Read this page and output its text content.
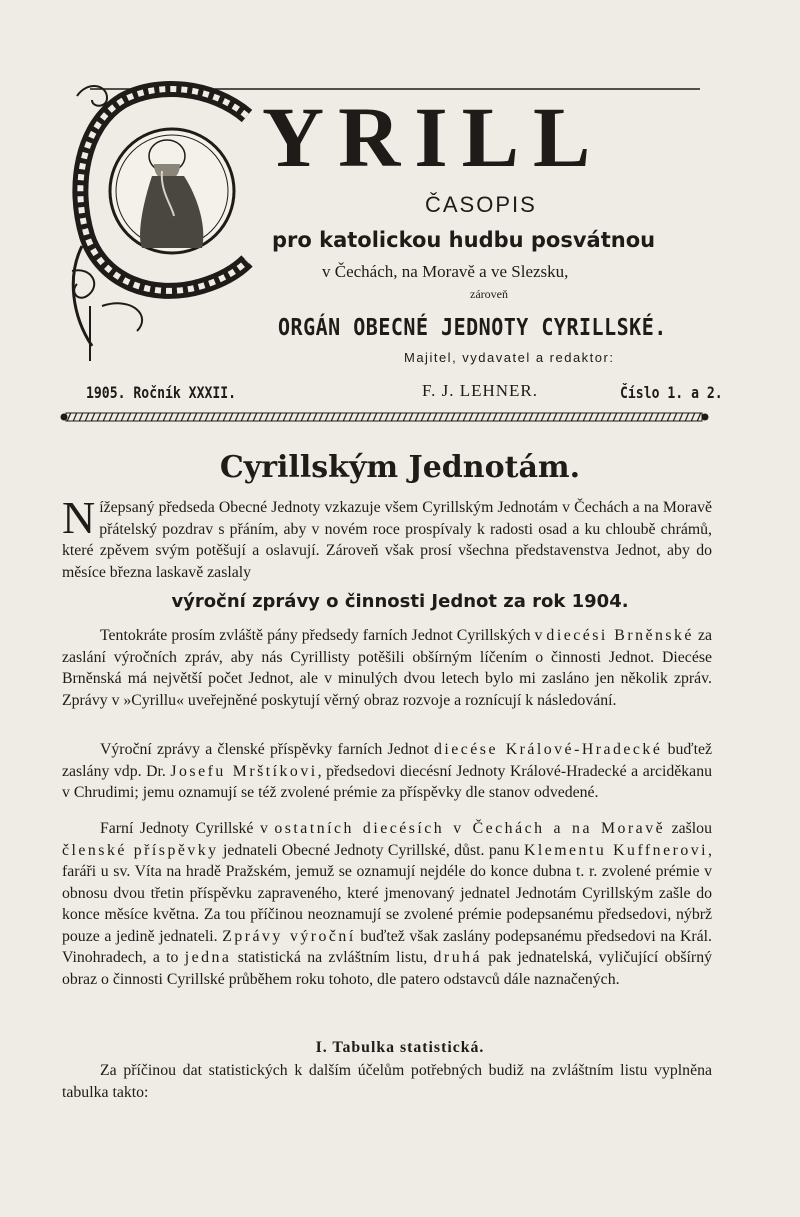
YRILL
ČASOPIS
pro katolickou hudbu posvátnou
v Čechách, na Moravě a ve Slezsku,
zároveň
ORGÁN OBECNÉ JEDNOTY CYRILLSKÉ.
Majitel, vydavatel a redaktor:
1905. Ročník XXXII.	F. J. LEHNER.	Číslo 1. a 2.
Cyrillským Jednotám.

Nížepsaný předseda Obecné Jednoty vzkazuje všem Cyrillským Jednotám v Čechách a na Moravě přátelský pozdrav s přáním, aby v novém roce prospívaly k radosti osad a ku chloubě chrámů, které zpěvem svým potěšují a oslavují. Zároveň však prosí všechna představenstva Jednot, aby do měsíce března laskavě zaslaly

výroční zprávy o činnosti Jednot za rok 1904.

Tentokráte prosím zvláště pány předsedy farních Jednot Cyrillských v diecési Brněnské za zaslání výročních zpráv, aby nás Cyrillisty potěšili obšírným líčením o činnosti Jednot. Diecése Brněnská má největší počet Jednot, ale v minulých dvou letech bylo mi zasláno jen několik zpráv. Zprávy v »Cyrillu« uveřejněné poskytují věrný obraz rozvoje a roznícují k následování.

Výroční zprávy a členské příspěvky farních Jednot diecése Králové-Hradecké buďtež zaslány vdp. Dr. Josefu Mrštíkovi, předsedovi diecésní Jednoty Králové-Hradecké a arciděkanu v Chrudimi; jemu oznamují se též zvolené prémie za příspěvky dle stanov odvedené.

Farní Jednoty Cyrillské v ostatních diecésích v Čechách a na Moravě zašlou členské příspěvky jednateli Obecné Jednoty Cyrillské, důst. panu Klementu Kuffnerovi, faráři u sv. Víta na hradě Pražském, jemuž se oznamují nejdéle do konce dubna t. r. zvolené prémie v obnosu dvou třetin příspěvku zapraveného, které jmenovaný jednatel Jednotám Cyrillským zašle do konce měsíce května. Za tou příčinou neoznamují se zvolené prémie podepsanému předsedovi, nýbrž pouze a jedině jednateli. Zprávy výroční buďtež však zaslány podepsanému předsedovi na Král. Vinohradech, a to jedna statistická na zvláštním listu, druhá pak jednatelská, vyličující obšírný obraz o činnosti Cyrillské průběhem roku tohoto, dle patero odstavců dále naznačených.

I. Tabulka statistická.

Za příčinou dat statistických k dalším účelům potřebných budiž na zvláštním listu vyplněna tabulka takto:
